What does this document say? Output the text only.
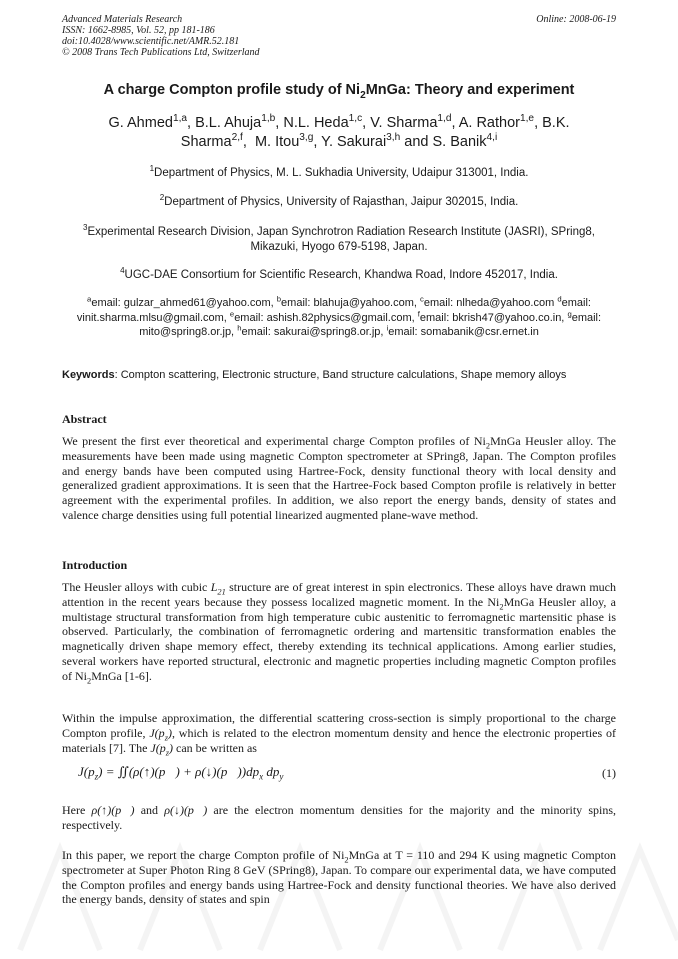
Advanced Materials Research
ISSN: 1662-8985, Vol. 52, pp 181-186
doi:10.4028/www.scientific.net/AMR.52.181
© 2008 Trans Tech Publications Ltd, Switzerland
Online: 2008-06-19
A charge Compton profile study of $Ni_2MnGa$: Theory and experiment
G. Ahmed$^{1,a}$, B.L. Ahuja$^{1,b}$, N.L. Heda$^{1,c}$, V. Sharma$^{1,d}$, A. Rathor$^{1,e}$, B.K. Sharma$^{2,f}$,  M. Itou$^{3,g}$, Y. Sakurai$^{3,h}$ and S. Banik$^{4,i}$
$^1$Department of Physics, M. L. Sukhadia University, Udaipur 313001, India.
$^2$Department of Physics, University of Rajasthan, Jaipur 302015, India.
$^3$Experimental Research Division, Japan Synchrotron Radiation Research Institute (JASRI), SPring8, Mikazuki, Hyogo 679-5198, Japan.
$^4$UGC-DAE Consortium for Scientific Research, Khandwa Road, Indore 452017, India.
$^a$email: gulzar_ahmed61@yahoo.com, $^b$email: blahuja@yahoo.com, $^c$email: nlheda@yahoo.com $^d$email: vinit.sharma.mlsu@gmail.com, $^e$email: ashish.82physics@gmail.com, $^f$email: bkrish47@yahoo.co.in, $^g$email: mito@spring8.or.jp, $^h$email: sakurai@spring8.or.jp, $^i$email: somabanik@csr.ernet.in
Keywords: Compton scattering, Electronic structure, Band structure calculations, Shape memory alloys
Abstract
We present the first ever theoretical and experimental charge Compton profiles of $Ni_2MnGa$ Heusler alloy. The measurements have been made using magnetic Compton spectrometer at SPring8, Japan. The Compton profiles and energy bands have been computed using Hartree-Fock, density functional theory with local density and generalized gradient approximations. It is seen that the Hartree-Fock based Compton profile is relatively in better agreement with the experimental profiles. In addition, we also report the energy bands, density of states and valence charge densities using full potential linearized augmented plane-wave method.
Introduction
The Heusler alloys with cubic $L_{21}$ structure are of great interest in spin electronics. These alloys have drawn much attention in the recent years because they possess localized magnetic moment. In the $Ni_2MnGa$ Heusler alloy, a multistage structural transformation from high temperature cubic austenitic to ferromagnetic martensitic phase is observed. Particularly, the combination of ferromagnetic ordering and martensitic transformation enables the magnetically driven shape memory effect, thereby extending its technical applications. Among earlier studies, several workers have reported structural, electronic and magnetic properties including magnetic Compton profiles of $Ni_2MnGa$ [1-6].
Within the impulse approximation, the differential scattering cross-section is simply proportional to the charge Compton profile, $J(p_z)$, which is related to the electron momentum density and hence the electronic properties of materials [7]. The $J(p_z)$ can be written as
$J(p_z)$ = ∬(ρ(↑)(p⃗) + $\rho(↓)(p⃗))dp_x$ $dp_y$	(1)
Here ρ(↑)(p⃗) and ρ(↓)(p⃗) are the electron momentum densities for the majority and the minority spins, respectively.
In this paper, we report the charge Compton profile of $Ni_2MnGa$ at T = 110 and 294 K using magnetic Compton spectrometer at Super Photon Ring 8 GeV (SPring8), Japan. To compare our experimental data, we have computed the Compton profiles and energy bands using Hartree-Fock and density functional theories. We have also derived the energy bands, density of states and spin
